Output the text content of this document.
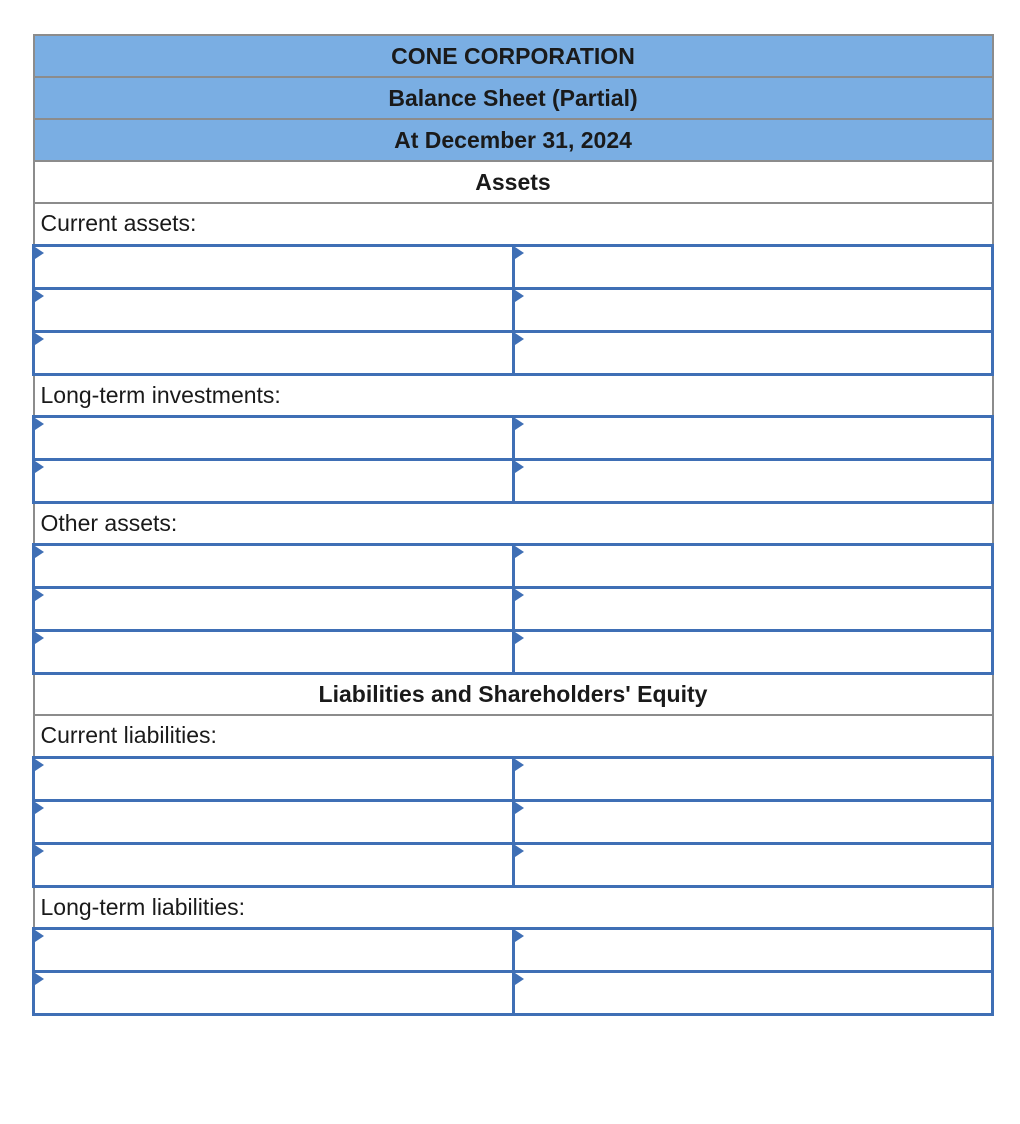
CONE CORPORATION	
Balance Sheet (Partial)	
At December 31, 2024	
Assets	
Current assets:	

Long-term investments:	

Other assets:	

Liabilities and Shareholders' Equity	
Current liabilities:	

Long-term liabilities:	
